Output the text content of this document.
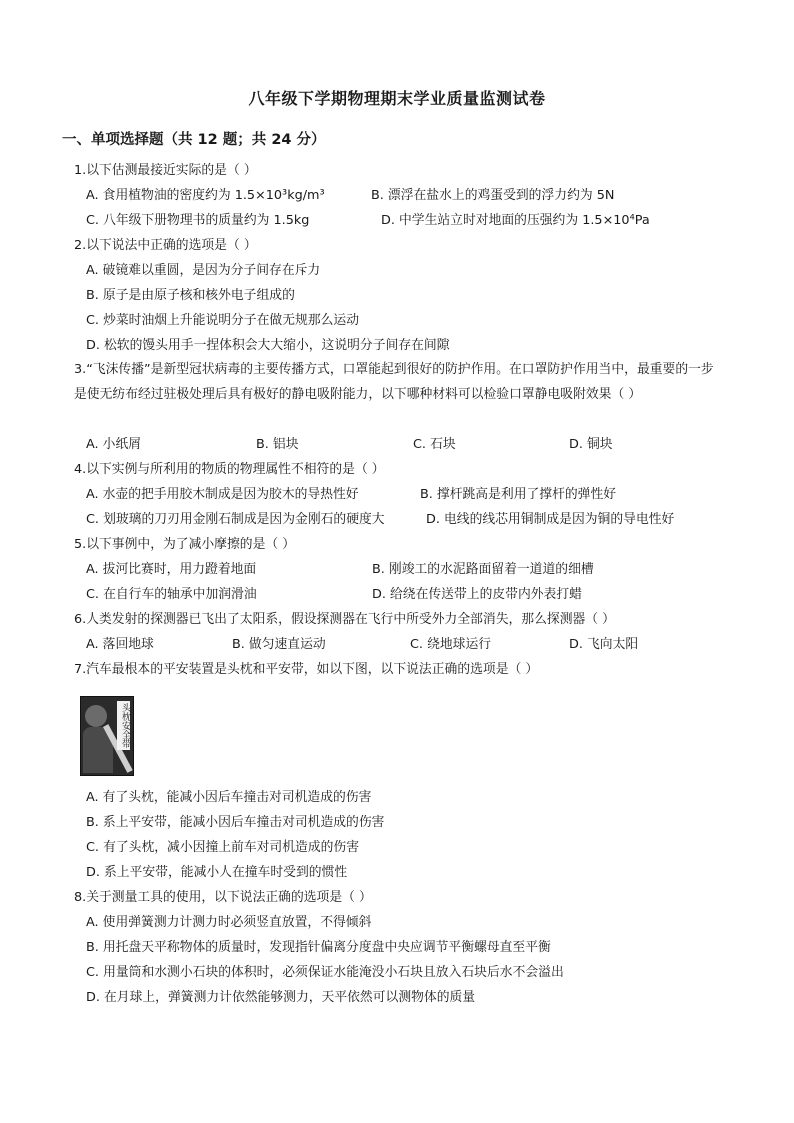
八年级下学期物理期末学业质量监测试卷
一、单项选择题（共 12 题；共 24 分）
1.以下估测最接近实际的是（ ）
A. 食用植物油的密度约为 1.5×10³kg/m³	B. 漂浮在盐水上的鸡蛋受到的浮力约为 5N
C. 八年级下册物理书的质量约为 1.5kg	D. 中学生站立时对地面的压强约为 1.5×10⁴Pa
2.以下说法中正确的选项是（ ）
A. 破镜难以重圆，是因为分子间存在斥力
B. 原子是由原子核和核外电子组成的
C. 炒菜时油烟上升能说明分子在做无规那么运动
D. 松软的馒头用手一捏体积会大大缩小，这说明分子间存在间隙
3.“飞沫传播”是新型冠状病毒的主要传播方式，口罩能起到很好的防护作用。在口罩防护作用当中，最重要的一步是使无纺布经过驻极处理后具有极好的静电吸附能力，以下哪种材料可以检验口罩静电吸附效果（ ）
A. 小纸屑	B. 铝块	C. 石块	D. 铜块
4.以下实例与所利用的物质的物理属性不相符的是（ ）
A. 水壶的把手用胶木制成是因为胶木的导热性好	B. 撑杆跳高是利用了撑杆的弹性好
C. 划玻璃的刀刃用金刚石制成是因为金刚石的硬度大	D. 电线的线芯用铜制成是因为铜的导电性好
5.以下事例中，为了减小摩擦的是（ ）
A. 拔河比赛时，用力蹬着地面	B. 刚竣工的水泥路面留着一道道的细槽
C. 在自行车的轴承中加润滑油	D. 给绕在传送带上的皮带内外表打蜡
6.人类发射的探测器已飞出了太阳系，假设探测器在飞行中所受外力全部消失，那么探测器（ ）
A. 落回地球	B. 做匀速直运动	C. 绕地球运行	D. 飞向太阳
7.汽车最根本的平安装置是头枕和平安带，如以下图，以下说法正确的选项是（ ）
头枕安全带
A. 有了头枕，能减小因后车撞击对司机造成的伤害
B. 系上平安带，能减小因后车撞击对司机造成的伤害
C. 有了头枕，减小因撞上前车对司机造成的伤害
D. 系上平安带，能减小人在撞车时受到的惯性
8.关于测量工具的使用，以下说法正确的选项是（ ）
A. 使用弹簧测力计测力时必须竖直放置，不得倾斜
B. 用托盘天平称物体的质量时，发现指针偏离分度盘中央应调节平衡螺母直至平衡
C. 用量筒和水测小石块的体积时，必须保证水能淹没小石块且放入石块后水不会溢出
D. 在月球上，弹簧测力计依然能够测力，天平依然可以测物体的质量
